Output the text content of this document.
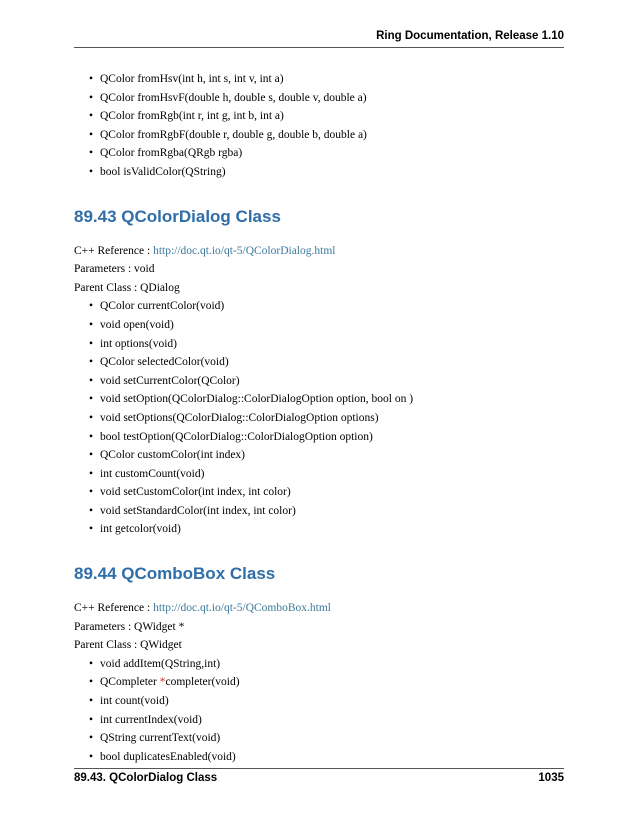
Ring Documentation, Release 1.10
• QColor fromHsv(int h, int s, int v, int a)
• QColor fromHsvF(double h, double s, double v, double a)
• QColor fromRgb(int r, int g, int b, int a)
• QColor fromRgbF(double r, double g, double b, double a)
• QColor fromRgba(QRgb rgba)
• bool isValidColor(QString)
89.43 QColorDialog Class

C++ Reference : http://doc.qt.io/qt-5/QColorDialog.html

Parameters : void

Parent Class : QDialog

• QColor currentColor(void)
• void open(void)
• int options(void)
• QColor selectedColor(void)
• void setCurrentColor(QColor)
• void setOption(QColorDialog::ColorDialogOption option, bool on )
• void setOptions(QColorDialog::ColorDialogOption options)
• bool testOption(QColorDialog::ColorDialogOption option)
• QColor customColor(int index)
• int customCount(void)
• void setCustomColor(int index, int color)
• void setStandardColor(int index, int color)
• int getcolor(void)
89.44 QComboBox Class

C++ Reference : http://doc.qt.io/qt-5/QComboBox.html

Parameters : QWidget *

Parent Class : QWidget

• void addItem(QString,int)
• QCompleter *completer(void)
• int count(void)
• int currentIndex(void)
• QString currentText(void)
• bool duplicatesEnabled(void)
89.43. QColorDialog Class	1035
